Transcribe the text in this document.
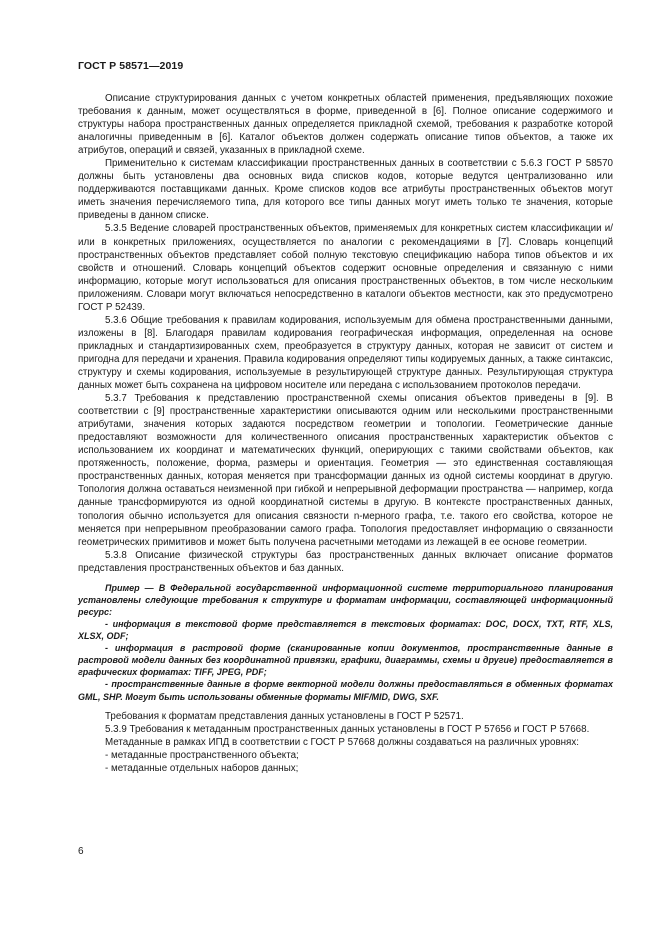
ГОСТ Р 58571—2019

Описание структурирования данных с учетом конкретных областей применения, предъявляющих похожие требования к данным, может осуществляться в форме, приведенной в [6]. Полное описание содержимого и структуры набора пространственных данных определяется прикладной схемой, требования к разработке которой аналогичны приведенным в [6]. Каталог объектов должен содержать описание типов объектов, а также их атрибутов, операций и связей, указанных в прикладной схеме.

Применительно к системам классификации пространственных данных в соответствии с 5.6.3 ГОСТ Р 58570 должны быть установлены два основных вида списков кодов, которые ведутся централизованно или поддерживаются поставщиками данных. Кроме списков кодов все атрибуты пространственных объектов могут иметь значения перечисляемого типа, для которого все типы данных могут иметь только те значения, которые приведены в данном списке.

5.3.5 Ведение словарей пространственных объектов, применяемых для конкретных систем классификации и/или в конкретных приложениях, осуществляется по аналогии с рекомендациями в [7]. Словарь концепций пространственных объектов представляет собой полную текстовую спецификацию набора типов объектов и их свойств и отношений. Словарь концепций объектов содержит основные определения и связанную с ними информацию, которые могут использоваться для описания пространственных объектов, в том числе нескольким приложениям. Словари могут включаться непосредственно в каталоги объектов местности, как это предусмотрено ГОСТ Р 52439.

5.3.6 Общие требования к правилам кодирования, используемым для обмена пространственными данными, изложены в [8]. Благодаря правилам кодирования географическая информация, определенная на основе прикладных и стандартизированных схем, преобразуется в структуру данных, которая не зависит от систем и пригодна для передачи и хранения. Правила кодирования определяют типы кодируемых данных, а также синтаксис, структуру и схемы кодирования, используемые в результирующей структуре данных. Результирующая структура данных может быть сохранена на цифровом носителе или передана с использованием протоколов передачи.

5.3.7 Требования к представлению пространственной схемы описания объектов приведены в [9]. В соответствии с [9] пространственные характеристики описываются одним или несколькими пространственными атрибутами, значения которых задаются посредством геометрии и топологии. Геометрические данные предоставляют возможности для количественного описания пространственных характеристик объектов с использованием их координат и математических функций, оперирующих с такими свойствами объектов, как протяженность, положение, форма, размеры и ориентация. Геометрия — это единственная составляющая пространственных данных, которая меняется при трансформации данных из одной системы координат в другую. Топология должна оставаться неизменной при гибкой и непрерывной деформации пространства — например, когда данные трансформируются из одной координатной системы в другую. В контексте пространственных данных, топология обычно используется для описания связности n-мерного графа, т.е. такого его свойства, которое не меняется при непрерывном преобразовании самого графа. Топология предоставляет информацию о связанности геометрических примитивов и может быть получена расчетными методами из лежащей в ее основе геометрии.

5.3.8 Описание физической структуры баз пространственных данных включает описание форматов представления пространственных объектов и баз данных.

Пример — В Федеральной государственной информационной системе территориального планирования установлены следующие требования к структуре и форматам информации, составляющей информационный ресурс:

- информация в текстовой форме представляется в текстовых форматах: DOC, DOCX, TXT, RTF, XLS, XLSX, ODF;

- информация в растровой форме (сканированные копии документов, пространственные данные в растровой модели данных без координатной привязки, графики, диаграммы, схемы и другие) предоставляется в графических форматах: TIFF, JPEG, PDF;

- пространственные данные в форме векторной модели должны предоставляться в обменных форматах GML, SHP. Могут быть использованы обменные форматы MIF/MID, DWG, SXF.

Требования к форматам представления данных установлены в ГОСТ Р 52571.

5.3.9 Требования к метаданным пространственных данных установлены в ГОСТ Р 57656 и ГОСТ Р 57668.

Метаданные в рамках ИПД в соответствии с ГОСТ Р 57668 должны создаваться на различных уровнях:

- метаданные пространственного объекта;

- метаданные отдельных наборов данных;

6
